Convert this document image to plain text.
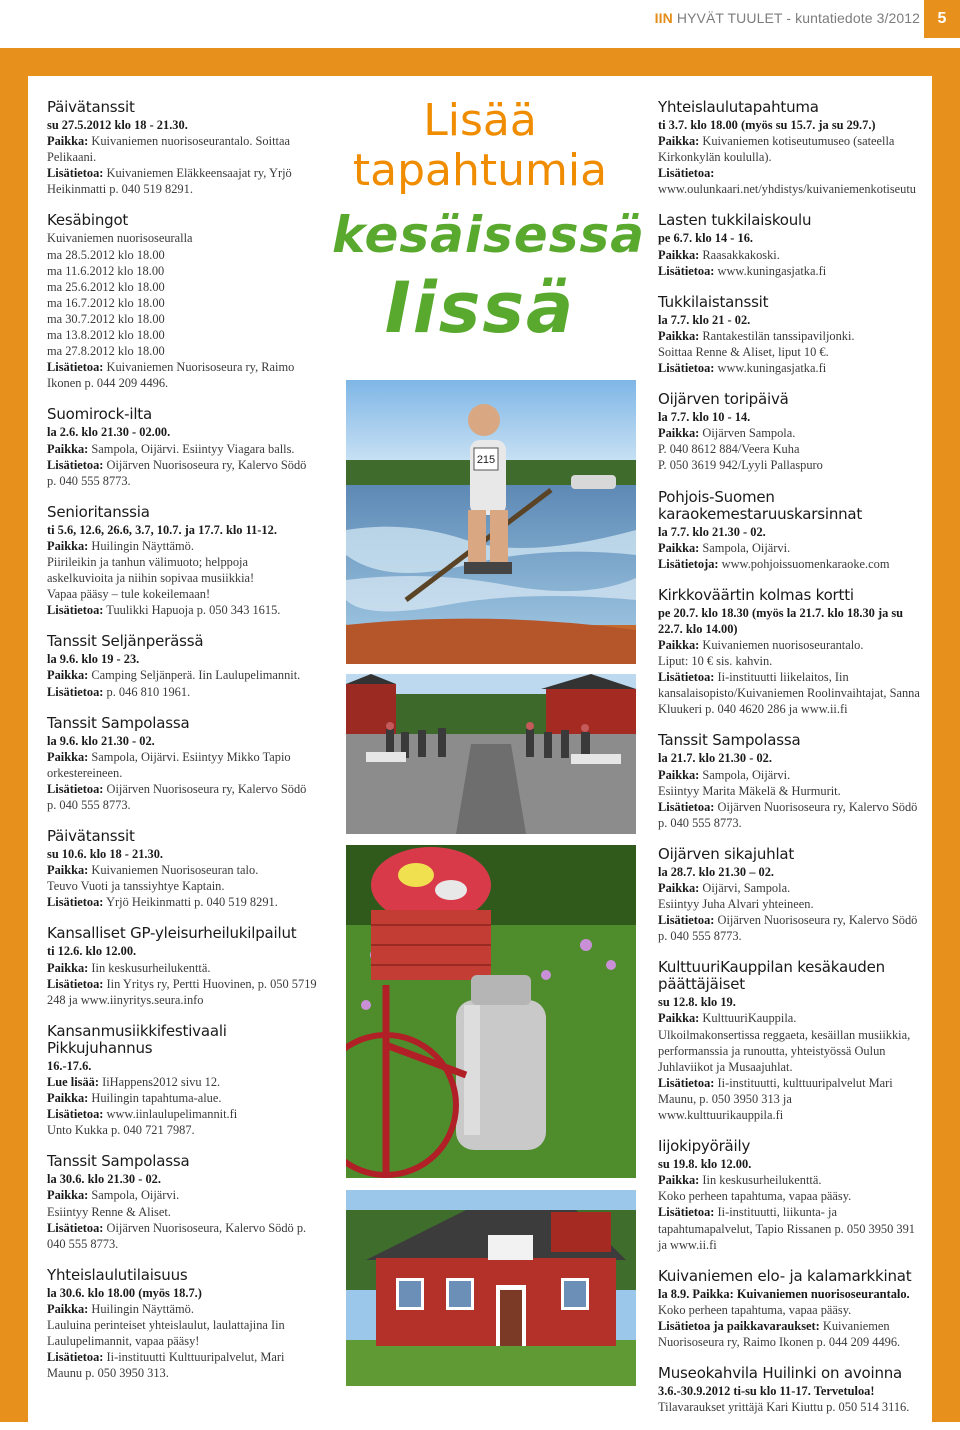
IIN HYVÄT TUULET - kuntatiedote 3/2012	5
Päivätanssit
su 27.5.2012 klo 18 - 21.30.
Paikka: Kuivaniemen nuorisoseurantalo. Soittaa Pelikaani.
Lisätietoa: Kuivaniemen Eläkkeensaajat ry, Yrjö Heikinmatti p. 040 519 8291.
Kesäbingot
Kuivaniemen nuorisoseuralla
ma 28.5.2012 klo 18.00
ma 11.6.2012 klo 18.00
ma 25.6.2012 klo 18.00
ma 16.7.2012 klo 18.00
ma 30.7.2012 klo 18.00
ma 13.8.2012 klo 18.00
ma 27.8.2012 klo 18.00
Lisätietoa: Kuivaniemen Nuorisoseura ry, Raimo Ikonen p. 044 209 4496.
Suomirock-ilta
la 2.6. klo 21.30 - 02.00.
Paikka: Sampola, Oijärvi. Esiintyy Viagara balls.
Lisätietoa: Oijärven Nuorisoseura ry, Kalervo Södö p. 040 555 8773.
Senioritanssia
ti 5.6, 12.6, 26.6, 3.7, 10.7. ja 17.7. klo 11-12.
Paikka: Huilingin Näyttämö.
Piirileikin ja tanhun välimuoto; helppoja askelkuvioita ja niihin sopivaa musiikkia!
Vapaa pääsy – tule kokeilemaan!
Lisätietoa: Tuulikki Hapuoja p. 050 343 1615.
Tanssit Seljänperässä
la 9.6. klo 19 - 23.
Paikka: Camping Seljänperä. Iin Laulupelimannit.
Lisätietoa: p. 046 810 1961.
Tanssit Sampolassa
la 9.6. klo 21.30 - 02.
Paikka: Sampola, Oijärvi. Esiintyy Mikko Tapio orkestereineen.
Lisätietoa: Oijärven Nuorisoseura ry, Kalervo Södö p. 040 555 8773.
Päivätanssit
su 10.6. klo 18 - 21.30.
Paikka: Kuivaniemen Nuorisoseuran talo.
Teuvo Vuoti ja tanssiyhtye Kaptain.
Lisätietoa: Yrjö Heikinmatti p. 040 519 8291.
Kansalliset GP-yleisurheilukilpailut
ti 12.6. klo 12.00.
Paikka: Iin keskusurheilukenttä.
Lisätietoa: Iin Yritys ry, Pertti Huovinen, p. 050 5719 248 ja www.iinyritys.seura.info
Kansanmusiikkifestivaali Pikkujuhannus
16.-17.6.
Lue lisää: IiHappens2012 sivu 12.
Paikka: Huilingin tapahtuma-alue.
Lisätietoa: www.iinlaulupelimannit.fi
Unto Kukka p. 040 721 7987.
Tanssit Sampolassa
la 30.6. klo 21.30 - 02.
Paikka: Sampola, Oijärvi.
Esiintyy Renne & Aliset.
Lisätietoa: Oijärven Nuorisoseura, Kalervo Södö p. 040 555 8773.
Yhteislaulutilaisuus
la 30.6. klo 18.00 (myös 18.7.)
Paikka: Huilingin Näyttämö.
Lauluina perinteiset yhteislaulut, laulattajina Iin Laulupelimannit, vapaa pääsy!
Lisätietoa: Ii-instituutti Kulttuuripalvelut, Mari Maunu p. 050 3950 313.
Lisää
tapahtumia
kesäisessä
Iissä
215
Yhteislaulutapahtuma
ti 3.7. klo 18.00 (myös su 15.7. ja su 29.7.)
Paikka: Kuivaniemen kotiseutumuseo (sateella Kirkonkylän koululla).
Lisätietoa: www.oulunkaari.net/yhdistys/kuivaniemenkotiseutu
Lasten tukkilaiskoulu
pe 6.7. klo 14 - 16.
Paikka: Raasakkakoski.
Lisätietoa: www.kuningasjatka.fi
Tukkilaistanssit
la 7.7. klo 21 - 02.
Paikka: Rantakestilän tanssipaviljonki.
Soittaa Renne & Aliset, liput 10 €.
Lisätietoa: www.kuningasjatka.fi
Oijärven toripäivä
la 7.7. klo 10 - 14.
Paikka: Oijärven Sampola.
P. 040 8612 884/Veera Kuha
P. 050 3619 942/Lyyli Pallaspuro
Pohjois-Suomen karaokemestaruuskarsinnat
la 7.7. klo 21.30 - 02.
Paikka: Sampola, Oijärvi.
Lisätietoja: www.pohjoissuomenkaraoke.com
Kirkkoväärtin kolmas kortti
pe 20.7. klo 18.30 (myös la 21.7. klo 18.30 ja su 22.7. klo 14.00)
Paikka: Kuivaniemen nuorisoseurantalo.
Liput: 10 € sis. kahvin.
Lisätietoa: Ii-instituutti liikelaitos, Iin kansalaisopisto/Kuivaniemen Roolinvaihtajat, Sanna Kluukeri p. 040 4620 286 ja www.ii.fi
Tanssit Sampolassa
la 21.7. klo 21.30 - 02.
Paikka: Sampola, Oijärvi.
Esiintyy Marita Mäkelä & Hurmurit.
Lisätietoa: Oijärven Nuorisoseura ry, Kalervo Södö p. 040 555 8773.
Oijärven sikajuhlat
la 28.7. klo 21.30 – 02.
Paikka: Oijärvi, Sampola.
Esiintyy Juha Alvari yhteineen.
Lisätietoa: Oijärven Nuorisoseura ry, Kalervo Södö p. 040 555 8773.
KulttuuriKauppilan kesäkauden päättäjäiset
su 12.8. klo 19.
Paikka: KulttuuriKauppila.
Ulkoilmakonsertissa reggaeta, kesäillan musiikkia, performanssia ja runoutta, yhteistyössä Oulun Juhlaviikot ja Musaajuhlat.
Lisätietoa: Ii-instituutti, kulttuuripalvelut Mari Maunu, p. 050 3950 313 ja www.kulttuurikauppila.fi
Iijokipyöräily
su 19.8. klo 12.00.
Paikka: Iin keskusurheilukenttä.
Koko perheen tapahtuma, vapaa pääsy.
Lisätietoa: Ii-instituutti, liikunta- ja tapahtumapalvelut, Tapio Rissanen p. 050 3950 391 ja www.ii.fi
Kuivaniemen elo- ja kalamarkkinat
la 8.9. Paikka: Kuivaniemen nuorisoseurantalo.
Koko perheen tapahtuma, vapaa pääsy.
Lisätietoa ja paikkavaraukset: Kuivaniemen Nuorisoseura ry, Raimo Ikonen p. 044 209 4496.
Museokahvila Huilinki on avoinna
3.6.-30.9.2012 ti-su klo 11-17. Tervetuloa!
Tilavaraukset yrittäjä Kari Kiuttu p. 050 514 3116.
